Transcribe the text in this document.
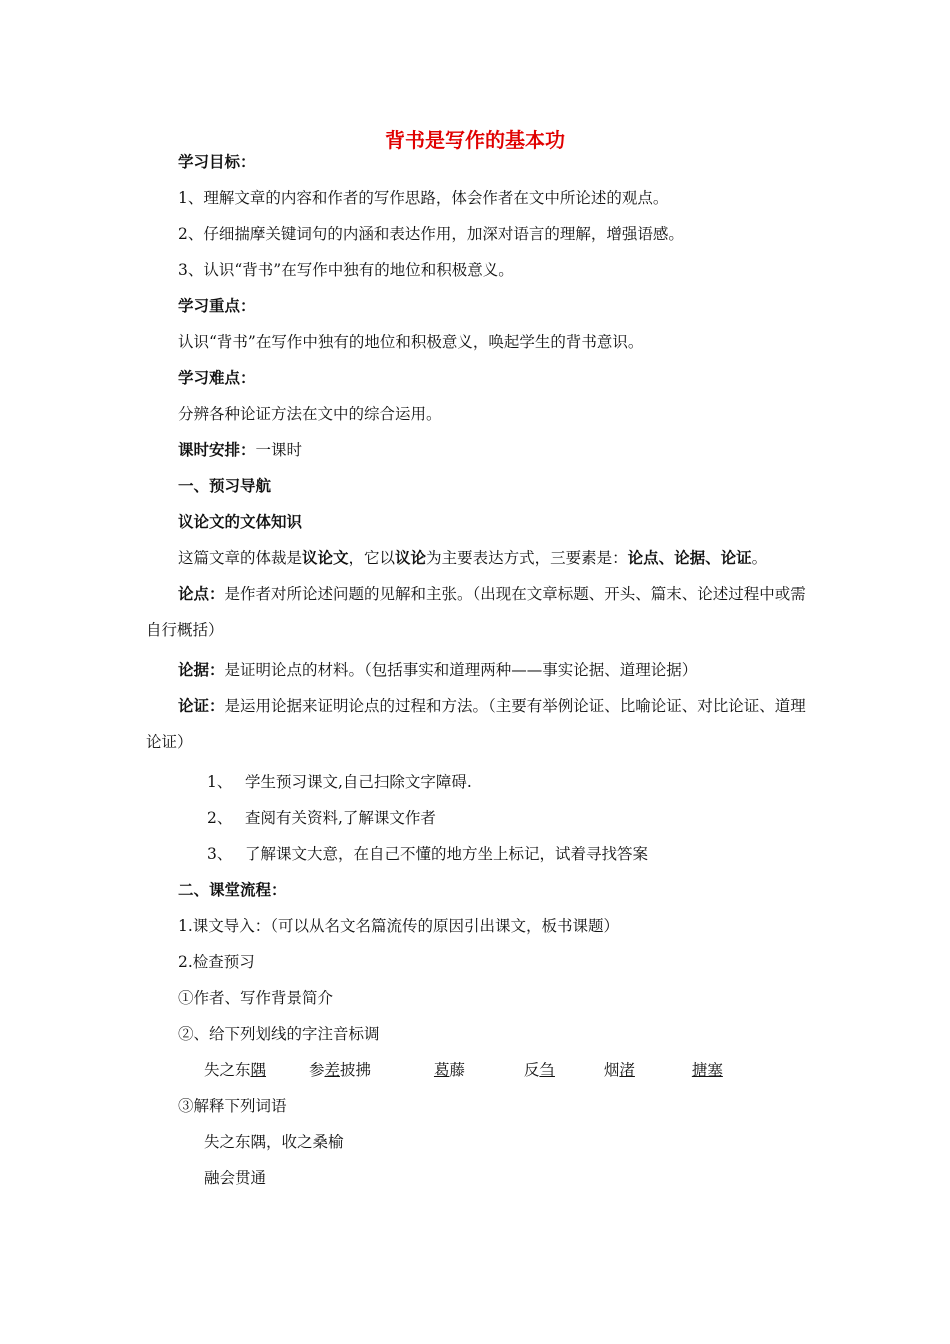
背书是写作的基本功
学习目标：
1、理解文章的内容和作者的写作思路，体会作者在文中所论述的观点。
2、仔细揣摩关键词句的内涵和表达作用，加深对语言的理解，增强语感。
3、认识“背书”在写作中独有的地位和积极意义。
学习重点：
认识“背书”在写作中独有的地位和积极意义，唤起学生的背书意识。
学习难点：
分辨各种论证方法在文中的综合运用。
课时安排：一课时
一、预习导航
议论文的文体知识
这篇文章的体裁是议论文，它以议论为主要表达方式，三要素是：论点、论据、论证。
论点：是作者对所论述问题的见解和主张。（出现在文章标题、开头、篇末、论述过程中或需自行概括）
论据：是证明论点的材料。（包括事实和道理两种——事实论据、道理论据）
论证：是运用论据来证明论点的过程和方法。（主要有举例论证、比喻论证、对比论证、道理论证）
1、 学生预习课文,自己扫除文字障碍.
2、 查阅有关资料,了解课文作者
3、 了解课文大意，在自己不懂的地方坐上标记，试着寻找答案
二、课堂流程：
1.课文导入：（可以从名文名篇流传的原因引出课文，板书课题）
2.检查预习
①作者、写作背景简介
②、给下列划线的字注音标调
失之东隅	参差披拂	葛藤	反刍	烟渚	搪塞
③解释下列词语
失之东隅，收之桑榆
融会贯通
